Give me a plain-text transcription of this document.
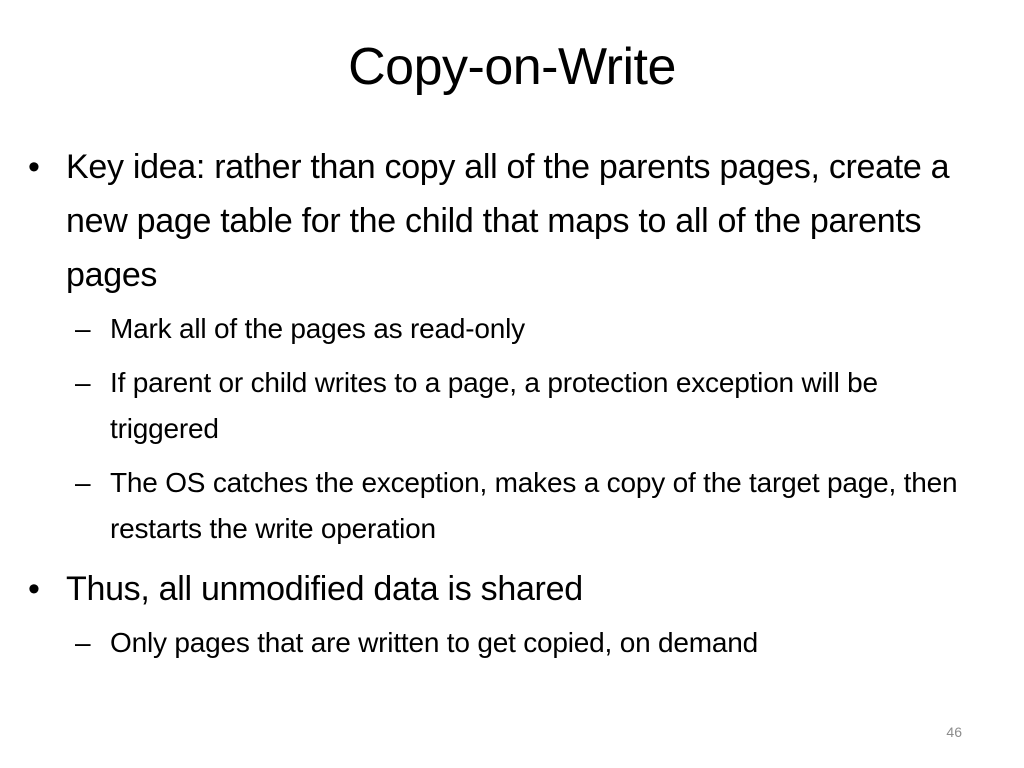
Copy-on-Write
• Key idea: rather than copy all of the parents pages, create a new page table for the child that maps to all of the parents pages
– Mark all of the pages as read-only
– If parent or child writes to a page, a protection exception will be triggered
– The OS catches the exception, makes a copy of the target page, then restarts the write operation
• Thus, all unmodified data is shared
– Only pages that are written to get copied, on demand
46
